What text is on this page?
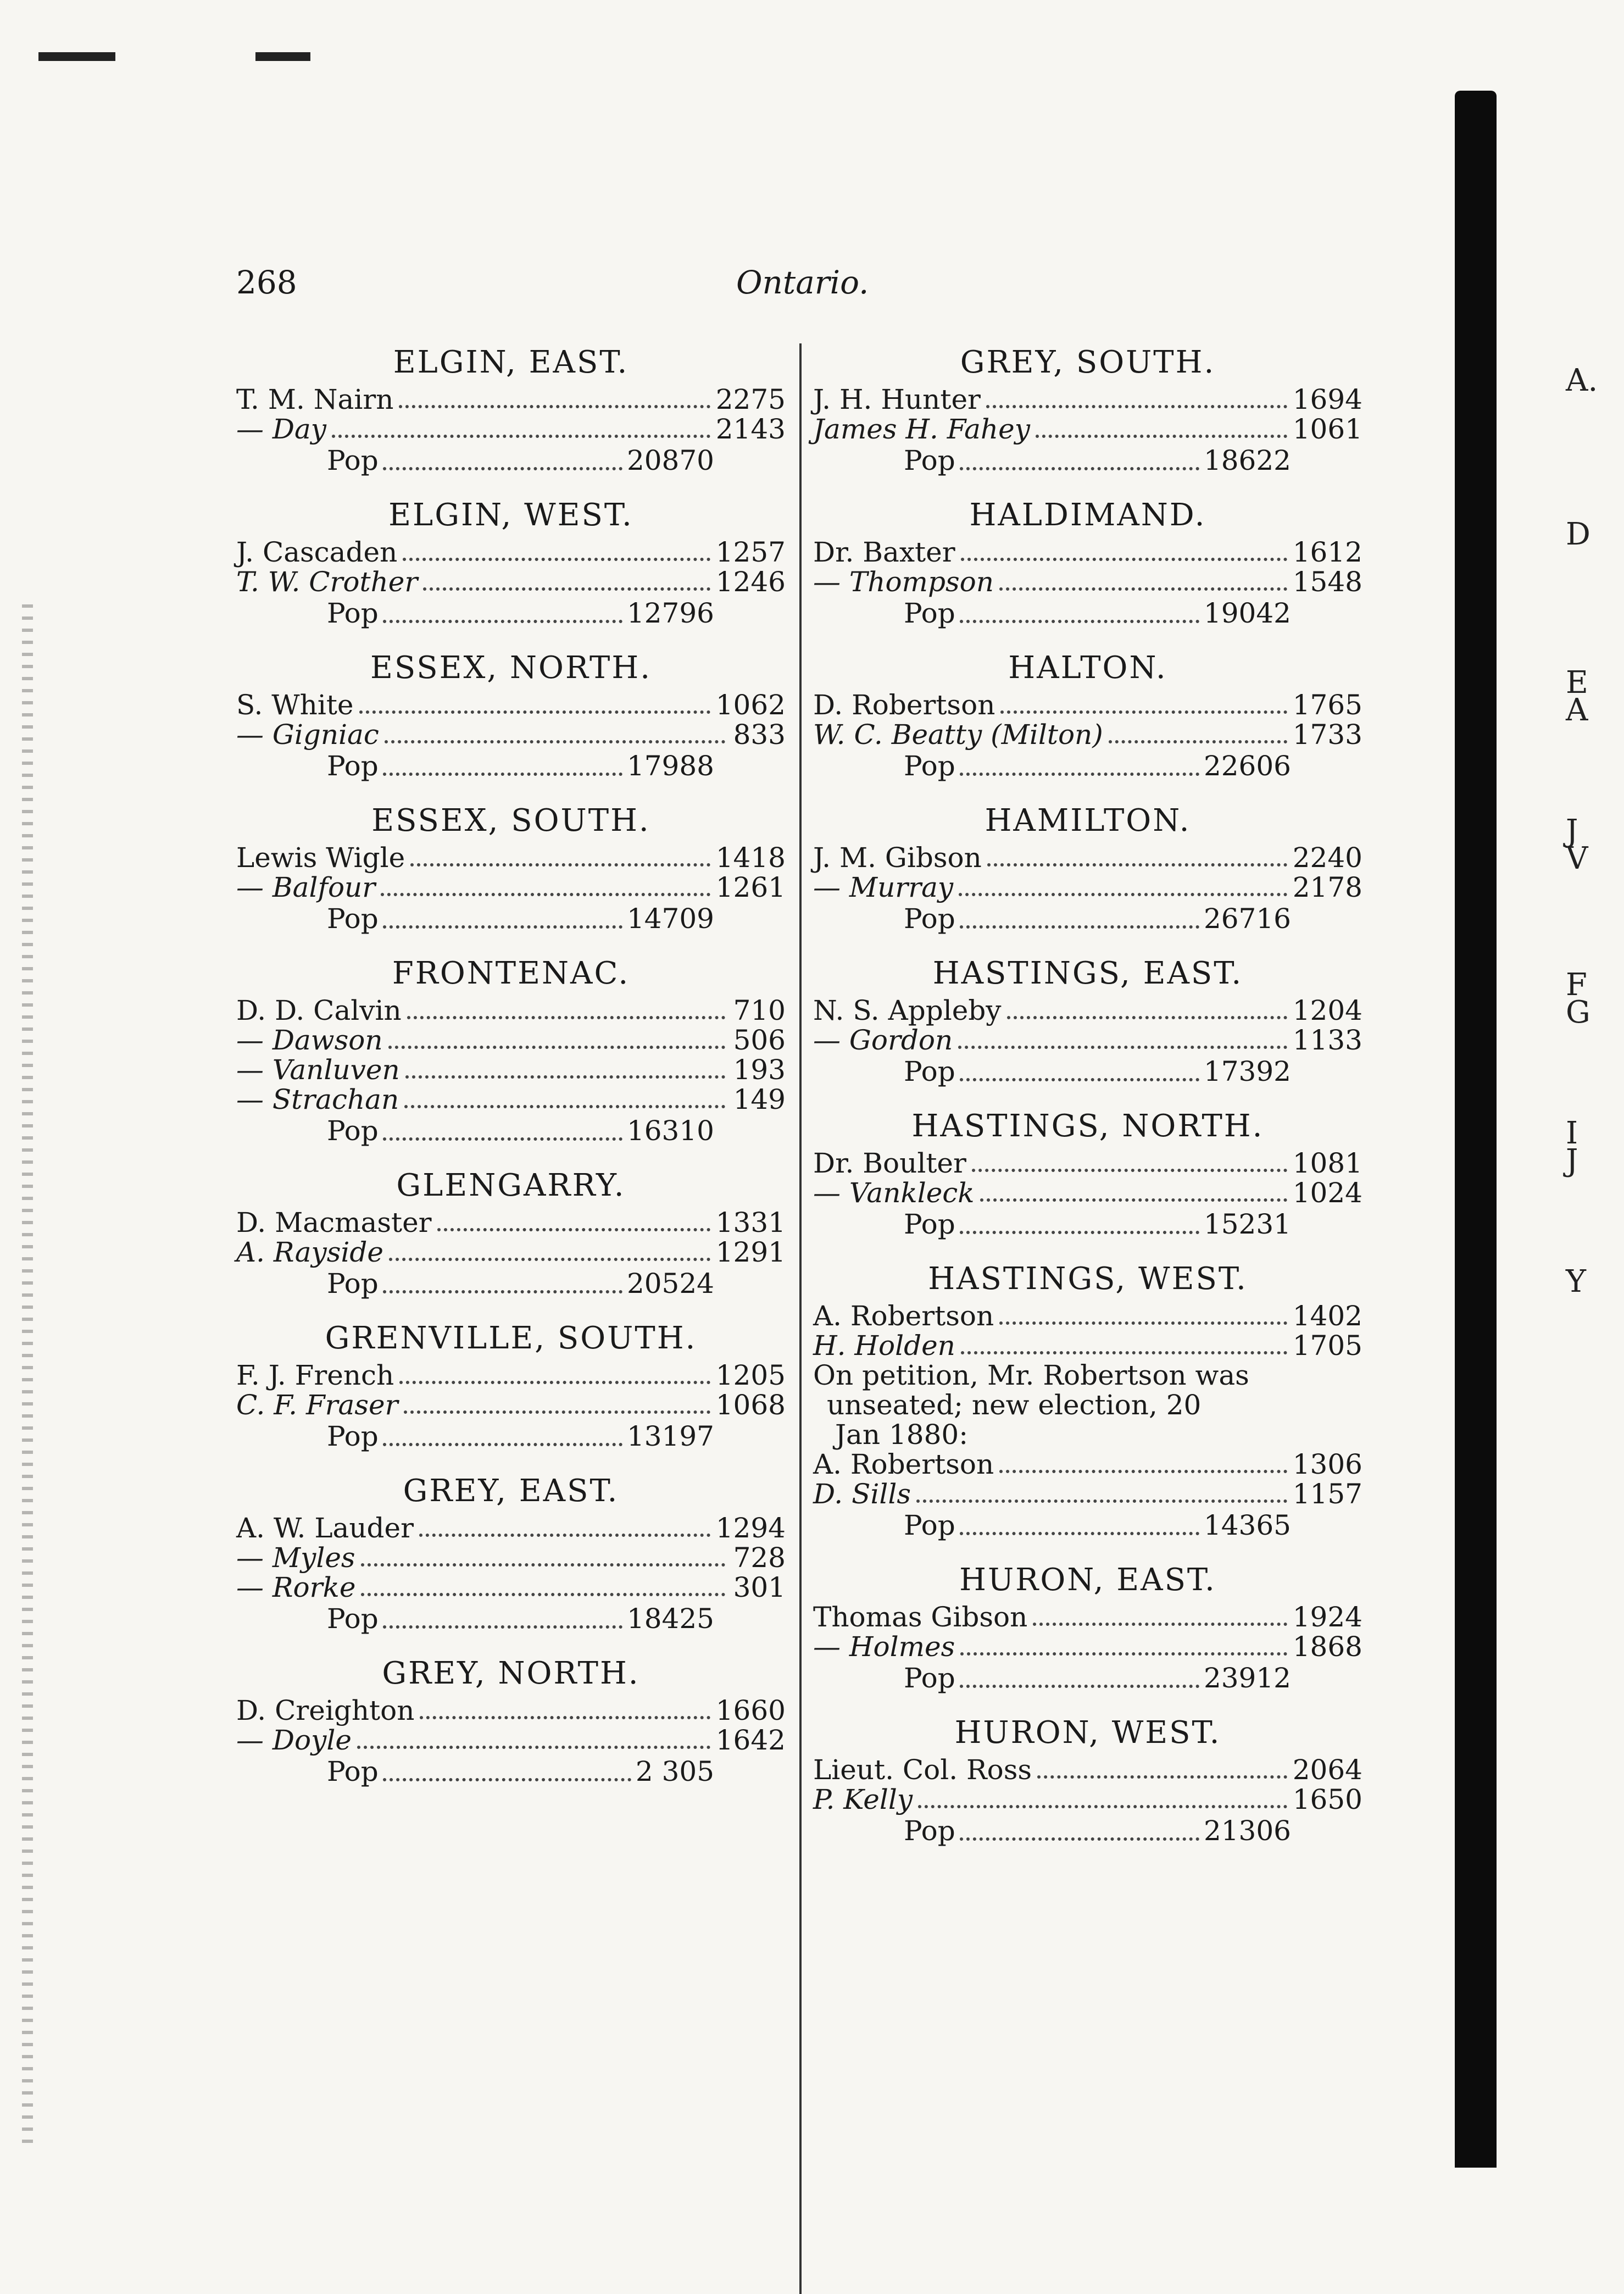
268	Ontario.
ELGIN, EAST.
T. M. Nairn	2275
— Day	2143
Pop	20870
ELGIN, WEST.
J. Cascaden	1257
T. W. Crother	1246
Pop	12796
ESSEX, NORTH.
S. White	1062
— Gigniac	833
Pop	17988
ESSEX, SOUTH.
Lewis Wigle	1418
— Balfour	1261
Pop	14709
FRONTENAC.
D. D. Calvin	710
— Dawson	506
— Vanluven	193
— Strachan	149
Pop	16310
GLENGARRY.
D. Macmaster	1331
A. Rayside	1291
Pop	20524
GRENVILLE, SOUTH.
F. J. French	1205
C. F. Fraser	1068
Pop	13197
GREY, EAST.
A. W. Lauder	1294
— Myles	728
— Rorke	301
Pop	18425
GREY, NORTH.
D. Creighton	1660
— Doyle	1642
Pop	2 305
GREY, SOUTH.
J. H. Hunter	1694
James H. Fahey	1061
Pop	18622
HALDIMAND.
Dr. Baxter	1612
— Thompson	1548
Pop	19042
HALTON.
D. Robertson	1765
W. C. Beatty (Milton)	1733
Pop	22606
HAMILTON.
J. M. Gibson	2240
— Murray	2178
Pop	26716
HASTINGS, EAST.
N. S. Appleby	1204
— Gordon	1133
Pop	17392
HASTINGS, NORTH.
Dr. Boulter	1081
— Vankleck	1024
Pop	15231
HASTINGS, WEST.
A. Robertson	1402
H. Holden	1705
On petition, Mr. Robertson was
unseated; new election, 20
Jan 1880:
A. Robertson	1306
D. Sills	1157
Pop	14365
HURON, EAST.
Thomas Gibson	1924
— Holmes	1868
Pop	23912
HURON, WEST.
Lieut. Col. Ross	2064
P. Kelly	1650
Pop	21306
A.
D
E
A
J
V
F
G
I
J
Y
